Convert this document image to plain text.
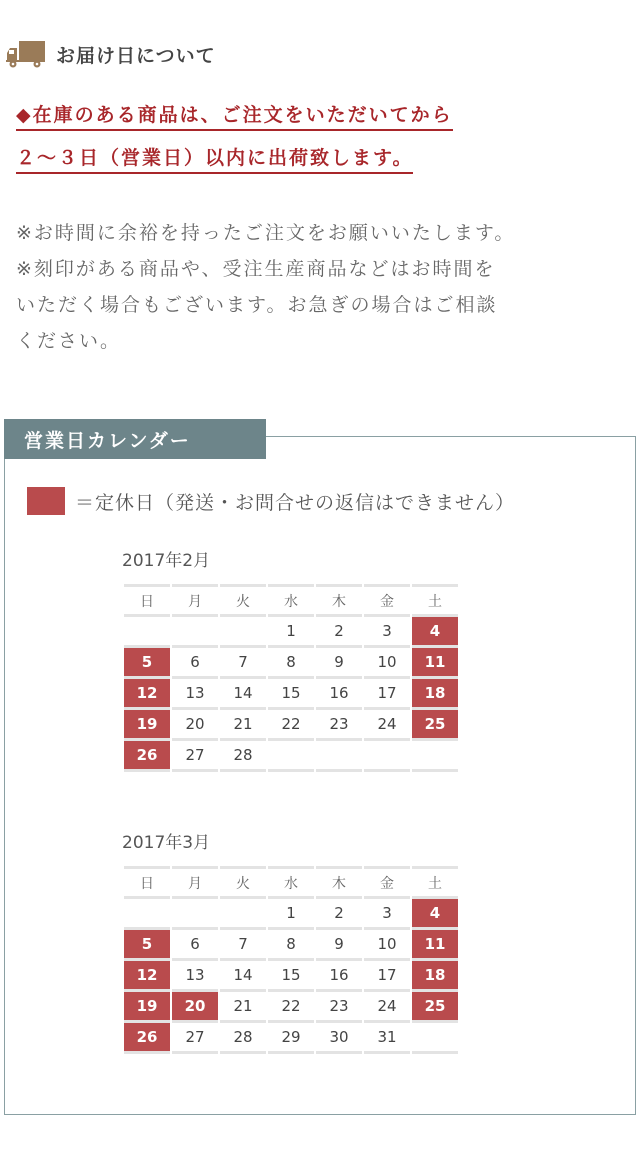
お届け日について
◆在庫のある商品は、ご注文をいただいてから
２～３日（営業日）以内に出荷致します。
※お時間に余裕を持ったご注文をお願いいたします。
※刻印がある商品や、受注生産商品などはお時間を
いただく場合もございます。お急ぎの場合はご相談
ください。
営業日カレンダー
＝定休日（発送・お問合せの返信はできません）
2017年2月
日	月	火	水	木	金	土
			1	2	3	4
5	6	7	8	9	10	11
12	13	14	15	16	17	18
19	20	21	22	23	24	25
26	27	28				
2017年3月
日	月	火	水	木	金	土
			1	2	3	4
5	6	7	8	9	10	11
12	13	14	15	16	17	18
19	20	21	22	23	24	25
26	27	28	29	30	31	
